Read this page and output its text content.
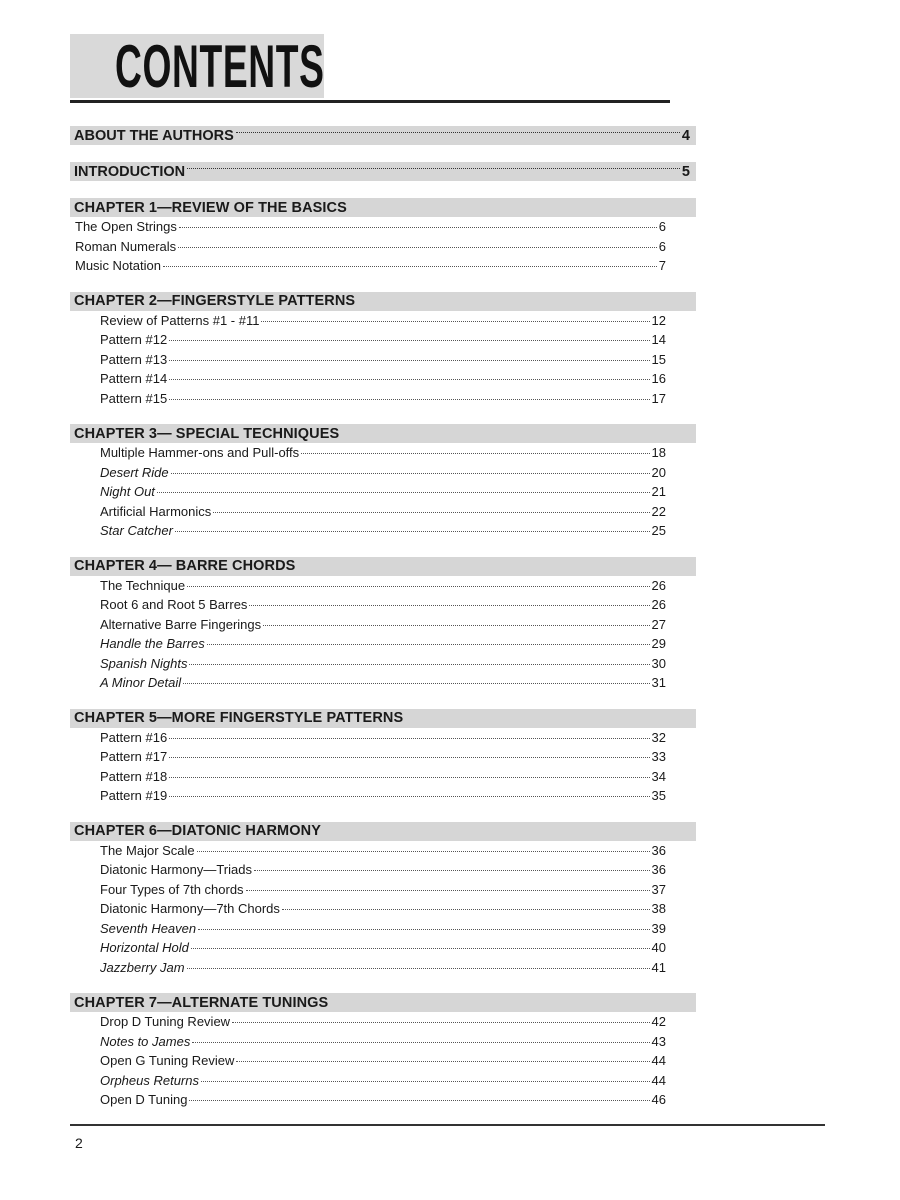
CONTENTS
ABOUT THE AUTHORS	4
INTRODUCTION	5
CHAPTER 1—REVIEW OF THE BASICS
The Open Strings	6
Roman Numerals	6
Music Notation	7
CHAPTER 2—FINGERSTYLE PATTERNS
Review of Patterns #1 - #11	12
Pattern #12	14
Pattern #13	15
Pattern #14	16
Pattern #15	17
CHAPTER 3— SPECIAL TECHNIQUES
Multiple Hammer-ons and Pull-offs	18
Desert Ride	20
Night Out	21
Artificial Harmonics	22
Star Catcher	25
CHAPTER 4— BARRE CHORDS
The Technique	26
Root 6 and Root 5 Barres	26
Alternative Barre Fingerings	27
Handle the Barres	29
Spanish Nights	30
A Minor Detail	31
CHAPTER 5—MORE FINGERSTYLE PATTERNS
Pattern #16	32
Pattern #17	33
Pattern #18	34
Pattern #19	35
CHAPTER 6—DIATONIC HARMONY
The Major Scale	36
Diatonic Harmony—Triads	36
Four Types of 7th chords	37
Diatonic Harmony—7th Chords	38
Seventh Heaven	39
Horizontal Hold	40
Jazzberry Jam	41
CHAPTER 7—ALTERNATE TUNINGS
Drop D Tuning Review	42
Notes to James	43
Open G Tuning Review	44
Orpheus Returns	44
Open D Tuning	46
2
